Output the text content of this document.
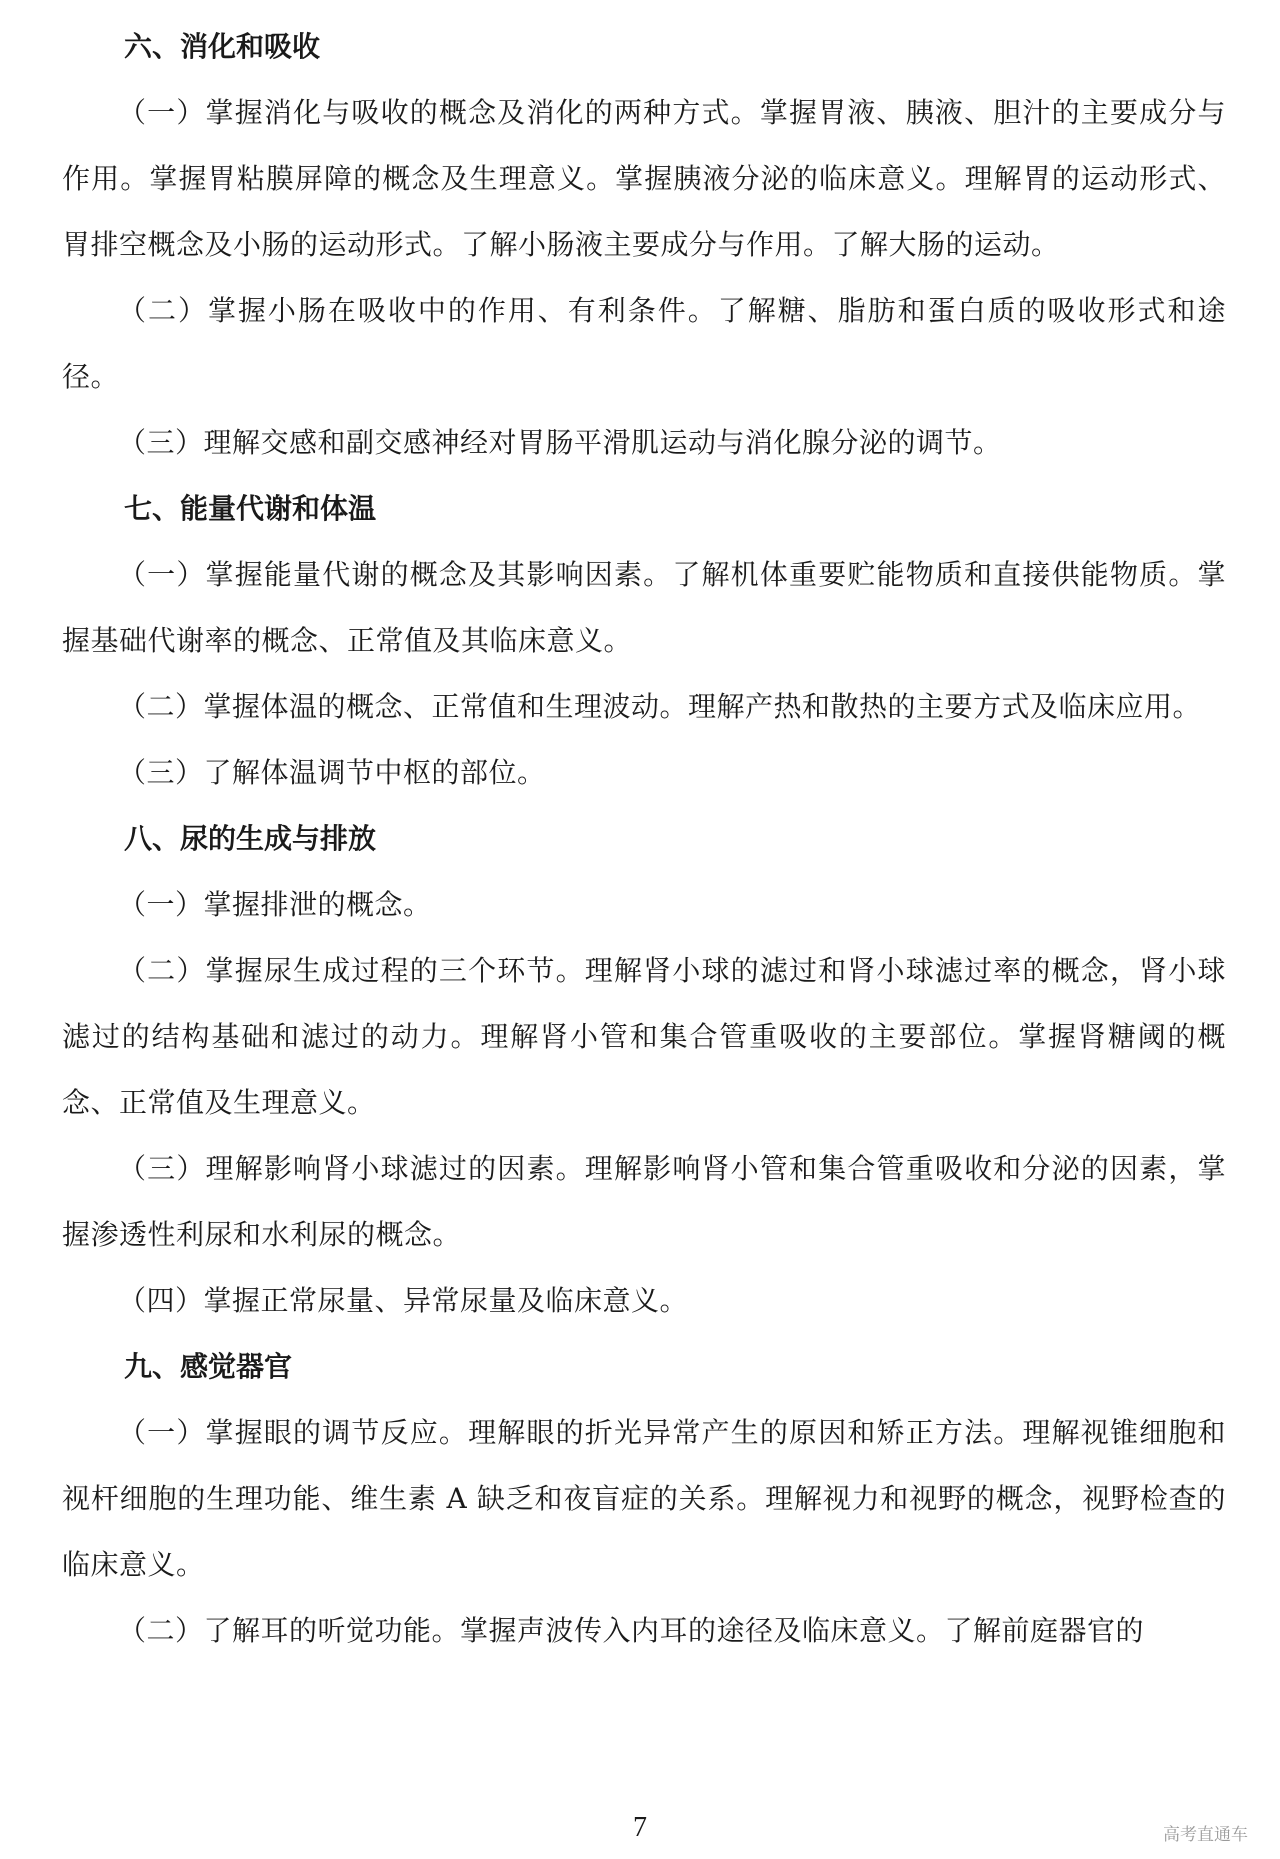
六、消化和吸收

（一）掌握消化与吸收的概念及消化的两种方式。掌握胃液、胰液、胆汁的主要成分与作用。掌握胃粘膜屏障的概念及生理意义。掌握胰液分泌的临床意义。理解胃的运动形式、胃排空概念及小肠的运动形式。了解小肠液主要成分与作用。了解大肠的运动。

（二）掌握小肠在吸收中的作用、有利条件。了解糖、脂肪和蛋白质的吸收形式和途径。

（三）理解交感和副交感神经对胃肠平滑肌运动与消化腺分泌的调节。

七、能量代谢和体温

（一）掌握能量代谢的概念及其影响因素。了解机体重要贮能物质和直接供能物质。掌握基础代谢率的概念、正常值及其临床意义。

（二）掌握体温的概念、正常值和生理波动。理解产热和散热的主要方式及临床应用。

（三）了解体温调节中枢的部位。

八、尿的生成与排放

（一）掌握排泄的概念。

（二）掌握尿生成过程的三个环节。理解肾小球的滤过和肾小球滤过率的概念，肾小球滤过的结构基础和滤过的动力。理解肾小管和集合管重吸收的主要部位。掌握肾糖阈的概念、正常值及生理意义。

（三）理解影响肾小球滤过的因素。理解影响肾小管和集合管重吸收和分泌的因素，掌握渗透性利尿和水利尿的概念。

（四）掌握正常尿量、异常尿量及临床意义。

九、感觉器官

（一）掌握眼的调节反应。理解眼的折光异常产生的原因和矫正方法。理解视锥细胞和视杆细胞的生理功能、维生素 A 缺乏和夜盲症的关系。理解视力和视野的概念，视野检查的临床意义。

（二）了解耳的听觉功能。掌握声波传入内耳的途径及临床意义。了解前庭器官的

7	高考直通车
